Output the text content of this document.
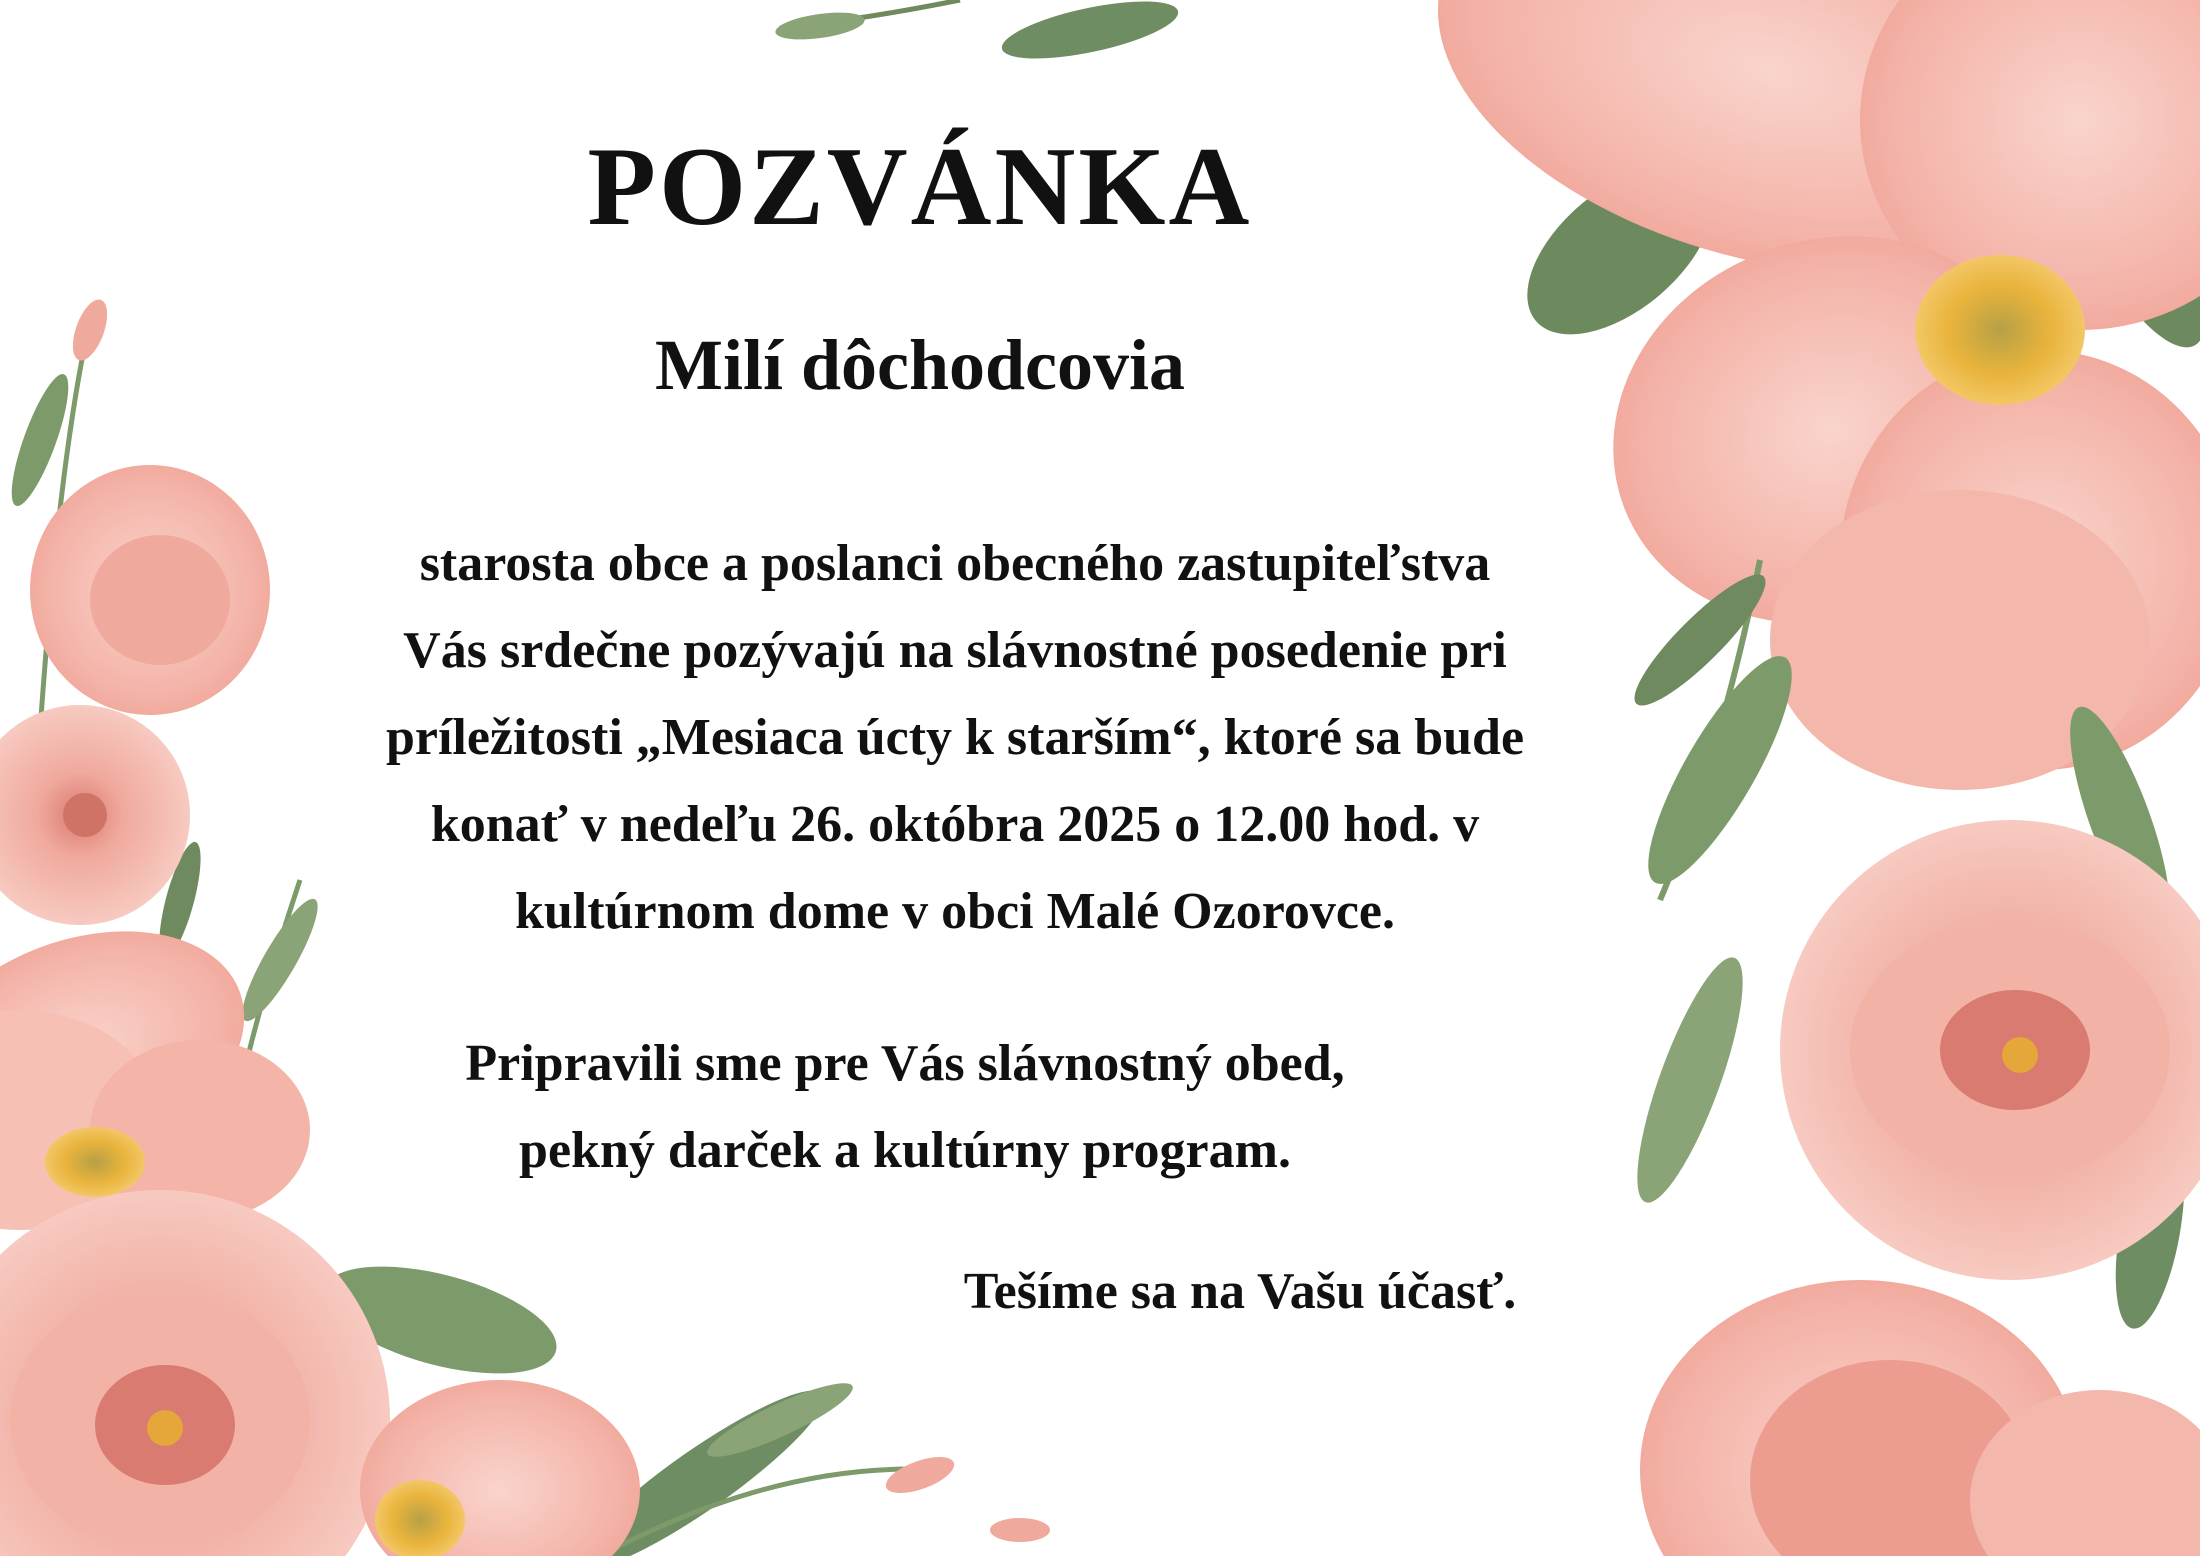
POZVÁNKA
Milí dôchodcovia
starosta obce a poslanci obecného zastupiteľstva
Vás srdečne pozývajú na slávnostné posedenie pri
príležitosti „Mesiaca úcty k starším“, ktoré sa bude
konať v nedeľu 26. októbra 2025 o 12.00 hod. v
kultúrnom dome v obci Malé Ozorovce.
Pripravili sme pre Vás slávnostný obed,
pekný darček a kultúrny program.
Tešíme sa na Vašu účasť.
